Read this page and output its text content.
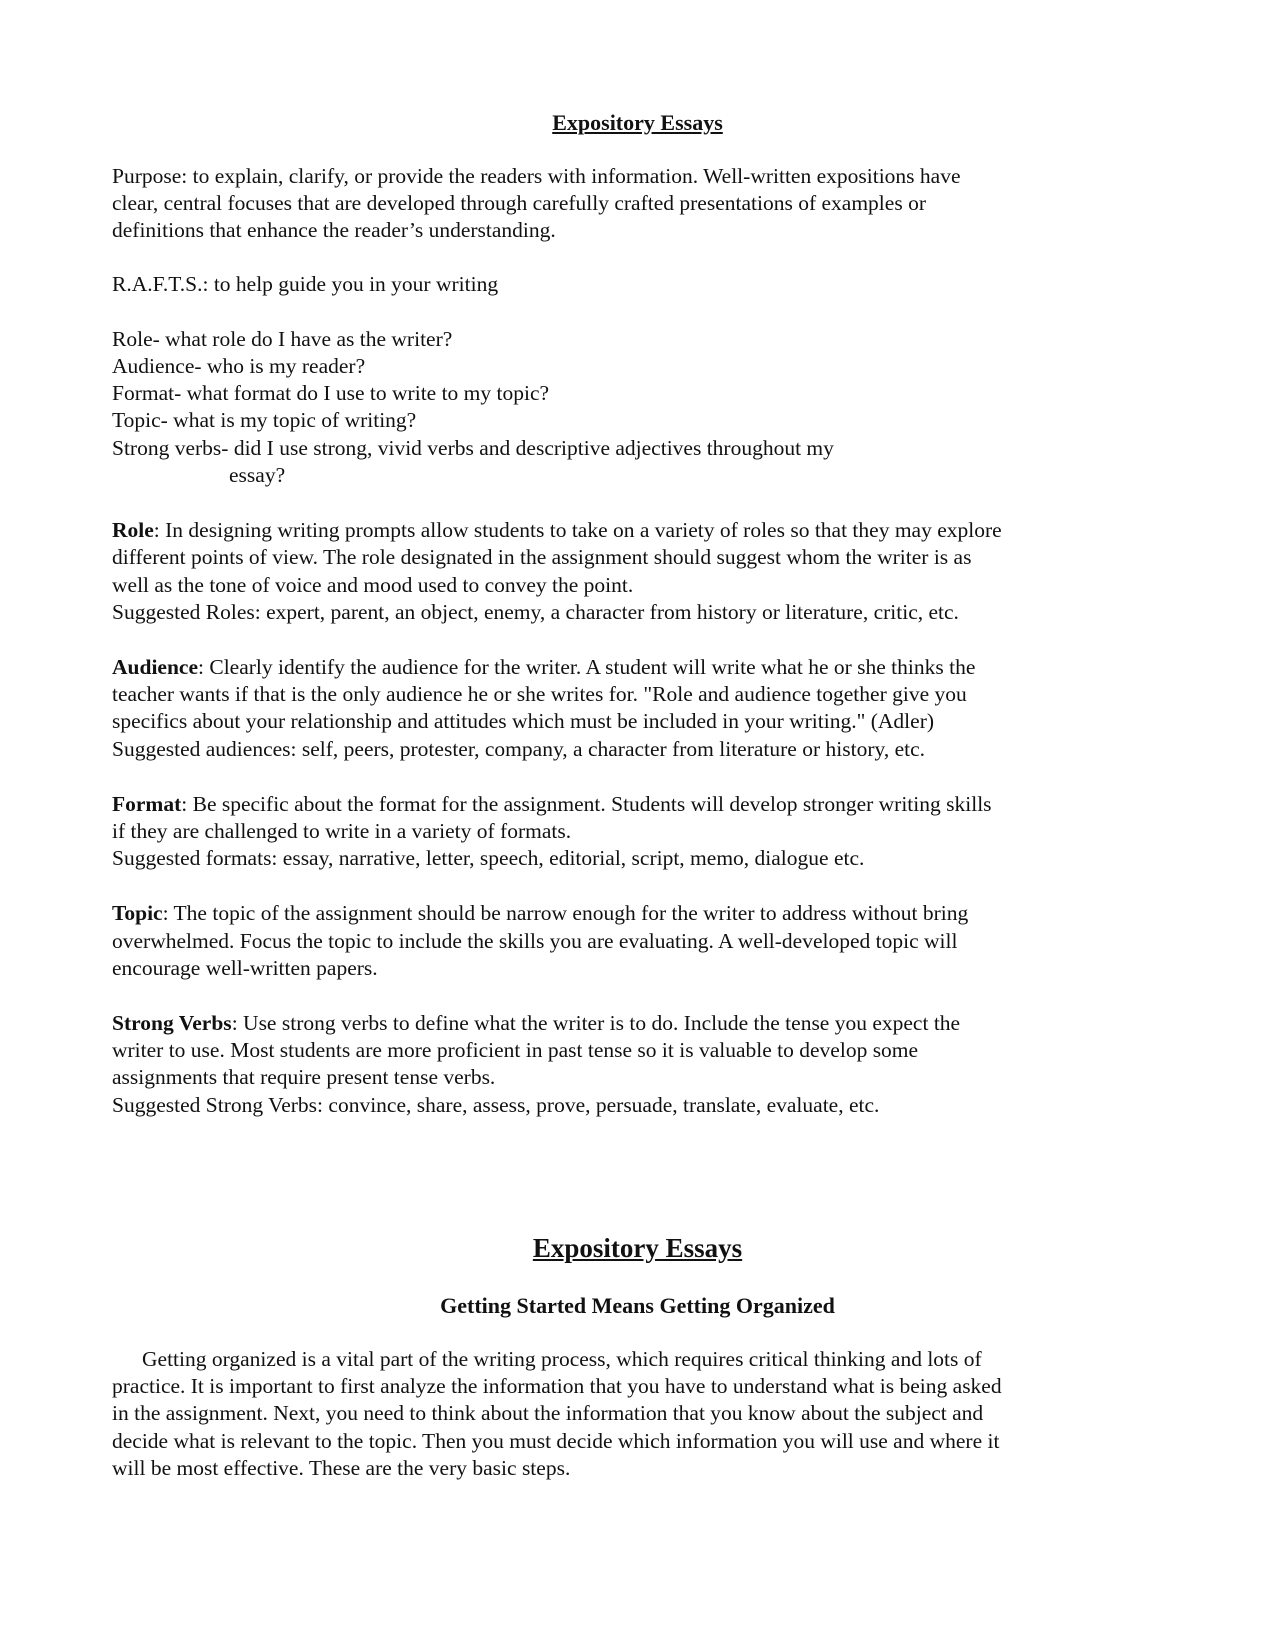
Expository Essays
Purpose: to explain, clarify, or provide the readers with information. Well-written expositions have
clear, central focuses that are developed through carefully crafted presentations of examples or
definitions that enhance the reader’s understanding.
R.A.F.T.S.: to help guide you in your writing
Role- what role do I have as the writer?
Audience- who is my reader?
Format- what format do I use to write to my topic?
Topic- what is my topic of writing?
Strong verbs- did I use strong, vivid verbs and descriptive adjectives throughout my
essay?
Role: In designing writing prompts allow students to take on a variety of roles so that they may explore
different points of view. The role designated in the assignment should suggest whom the writer is as
well as the tone of voice and mood used to convey the point.
Suggested Roles: expert, parent, an object, enemy, a character from history or literature, critic, etc.
Audience: Clearly identify the audience for the writer. A student will write what he or she thinks the
teacher wants if that is the only audience he or she writes for. "Role and audience together give you
specifics about your relationship and attitudes which must be included in your writing." (Adler)
Suggested audiences: self, peers, protester, company, a character from literature or history, etc.
Format: Be specific about the format for the assignment. Students will develop stronger writing skills
if they are challenged to write in a variety of formats.
Suggested formats: essay, narrative, letter, speech, editorial, script, memo, dialogue etc.
Topic: The topic of the assignment should be narrow enough for the writer to address without bring
overwhelmed. Focus the topic to include the skills you are evaluating. A well-developed topic will
encourage well-written papers.
Strong Verbs: Use strong verbs to define what the writer is to do. Include the tense you expect the
writer to use. Most students are more proficient in past tense so it is valuable to develop some
assignments that require present tense verbs.
Suggested Strong Verbs: convince, share, assess, prove, persuade, translate, evaluate, etc.
Expository Essays
Getting Started Means Getting Organized
Getting organized is a vital part of the writing process, which requires critical thinking and lots of
practice. It is important to first analyze the information that you have to understand what is being asked
in the assignment. Next, you need to think about the information that you know about the subject and
decide what is relevant to the topic. Then you must decide which information you will use and where it
will be most effective. These are the very basic steps.
